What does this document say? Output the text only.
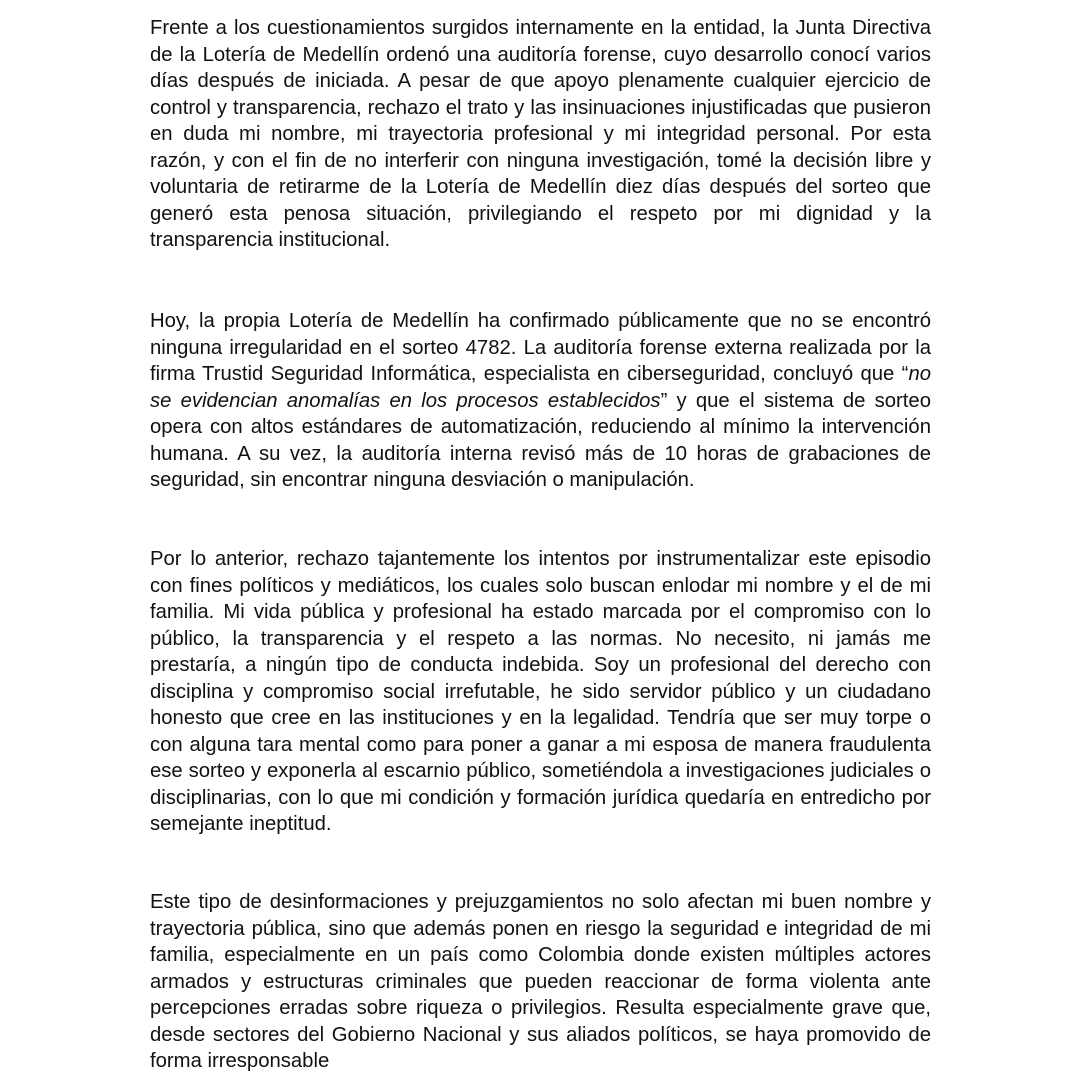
Frente a los cuestionamientos surgidos internamente en la entidad, la Junta Directiva de la Lotería de Medellín ordenó una auditoría forense, cuyo desarrollo conocí varios días después de iniciada. A pesar de que apoyo plenamente cualquier ejercicio de control y transparencia, rechazo el trato y las insinuaciones injustificadas que pusieron en duda mi nombre, mi trayectoria profesional y mi integridad personal. Por esta razón, y con el fin de no interferir con ninguna investigación, tomé la decisión libre y voluntaria de retirarme de la Lotería de Medellín diez días después del sorteo que generó esta penosa situación, privilegiando el respeto por mi dignidad y la transparencia institucional.

Hoy, la propia Lotería de Medellín ha confirmado públicamente que no se encontró ninguna irregularidad en el sorteo 4782. La auditoría forense externa realizada por la firma Trustid Seguridad Informática, especialista en ciberseguridad, concluyó que “no se evidencian anomalías en los procesos establecidos” y que el sistema de sorteo opera con altos estándares de automatización, reduciendo al mínimo la intervención humana. A su vez, la auditoría interna revisó más de 10 horas de grabaciones de seguridad, sin encontrar ninguna desviación o manipulación.

Por lo anterior, rechazo tajantemente los intentos por instrumentalizar este episodio con fines políticos y mediáticos, los cuales solo buscan enlodar mi nombre y el de mi familia. Mi vida pública y profesional ha estado marcada por el compromiso con lo público, la transparencia y el respeto a las normas. No necesito, ni jamás me prestaría, a ningún tipo de conducta indebida. Soy un profesional del derecho con disciplina y compromiso social irrefutable, he sido servidor público y un ciudadano honesto que cree en las instituciones y en la legalidad. Tendría que ser muy torpe o con alguna tara mental como para poner a ganar a mi esposa de manera fraudulenta ese sorteo y exponerla al escarnio público, sometiéndola a investigaciones judiciales o disciplinarias, con lo que mi condición y formación jurídica quedaría en entredicho por semejante ineptitud.

Este tipo de desinformaciones y prejuzgamientos no solo afectan mi buen nombre y trayectoria pública, sino que además ponen en riesgo la seguridad e integridad de mi familia, especialmente en un país como Colombia donde existen múltiples actores armados y estructuras criminales que pueden reaccionar de forma violenta ante percepciones erradas sobre riqueza o privilegios. Resulta especialmente grave que, desde sectores del Gobierno Nacional y sus aliados políticos, se haya promovido de forma irresponsable
